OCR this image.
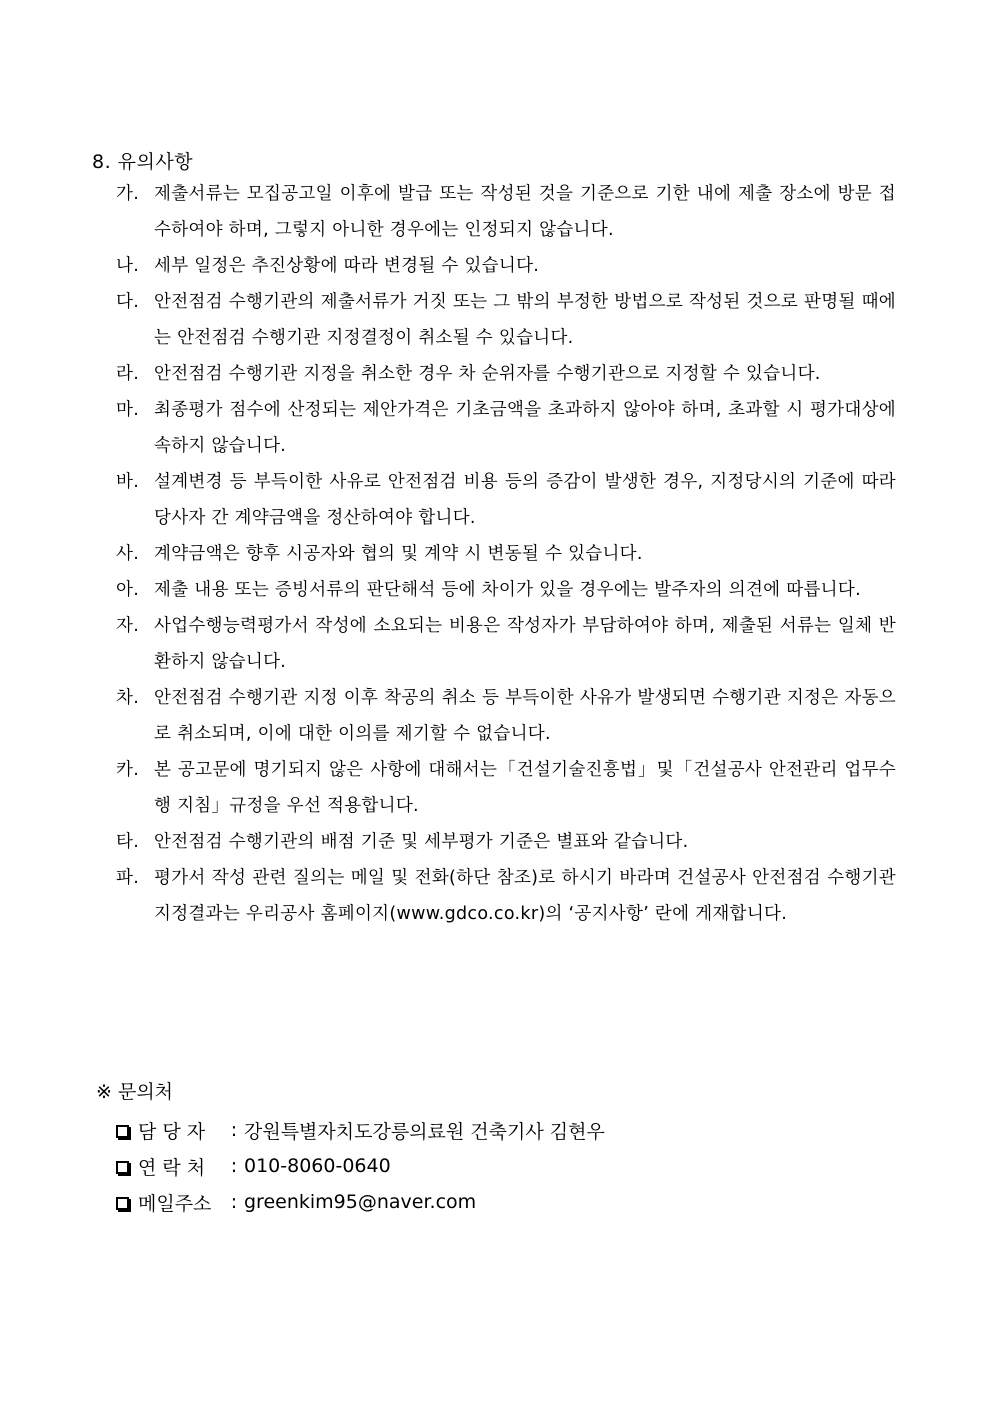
8. 유의사항
가. 제출서류는 모집공고일 이후에 발급 또는 작성된 것을 기준으로 기한 내에 제출 장소에 방문 접수하여야 하며, 그렇지 아니한 경우에는 인정되지 않습니다.
나. 세부 일정은 추진상황에 따라 변경될 수 있습니다.
다. 안전점검 수행기관의 제출서류가 거짓 또는 그 밖의 부정한 방법으로 작성된 것으로 판명될 때에는 안전점검 수행기관 지정결정이 취소될 수 있습니다.
라. 안전점검 수행기관 지정을 취소한 경우 차 순위자를 수행기관으로 지정할 수 있습니다.
마. 최종평가 점수에 산정되는 제안가격은 기초금액을 초과하지 않아야 하며, 초과할 시 평가대상에 속하지 않습니다.
바. 설계변경 등 부득이한 사유로 안전점검 비용 등의 증감이 발생한 경우, 지정당시의 기준에 따라 당사자 간 계약금액을 정산하여야 합니다.
사. 계약금액은 향후 시공자와 협의 및 계약 시 변동될 수 있습니다.
아. 제출 내용 또는 증빙서류의 판단해석 등에 차이가 있을 경우에는 발주자의 의견에 따릅니다.
자. 사업수행능력평가서 작성에 소요되는 비용은 작성자가 부담하여야 하며, 제출된 서류는 일체 반환하지 않습니다.
차. 안전점검 수행기관 지정 이후 착공의 취소 등 부득이한 사유가 발생되면 수행기관 지정은 자동으로 취소되며, 이에 대한 이의를 제기할 수 없습니다.
카. 본 공고문에 명기되지 않은 사항에 대해서는「건설기술진흥법」및「건설공사 안전관리 업무수행 지침」규정을 우선 적용합니다.
타. 안전점검 수행기관의 배점 기준 및 세부평가 기준은 별표와 같습니다.
파. 평가서 작성 관련 질의는 메일 및 전화(하단 참조)로 하시기 바라며 건설공사 안전점검 수행기관 지정결과는 우리공사 홈페이지(www.gdco.co.kr)의 ‘공지사항’ 란에 게재합니다.
※ 문의처
담 당 자	: 강원특별자치도강릉의료원 건축기사 김현우
연 락 처	: 010-8060-0640
메일주소	: greenkim95@naver.com
